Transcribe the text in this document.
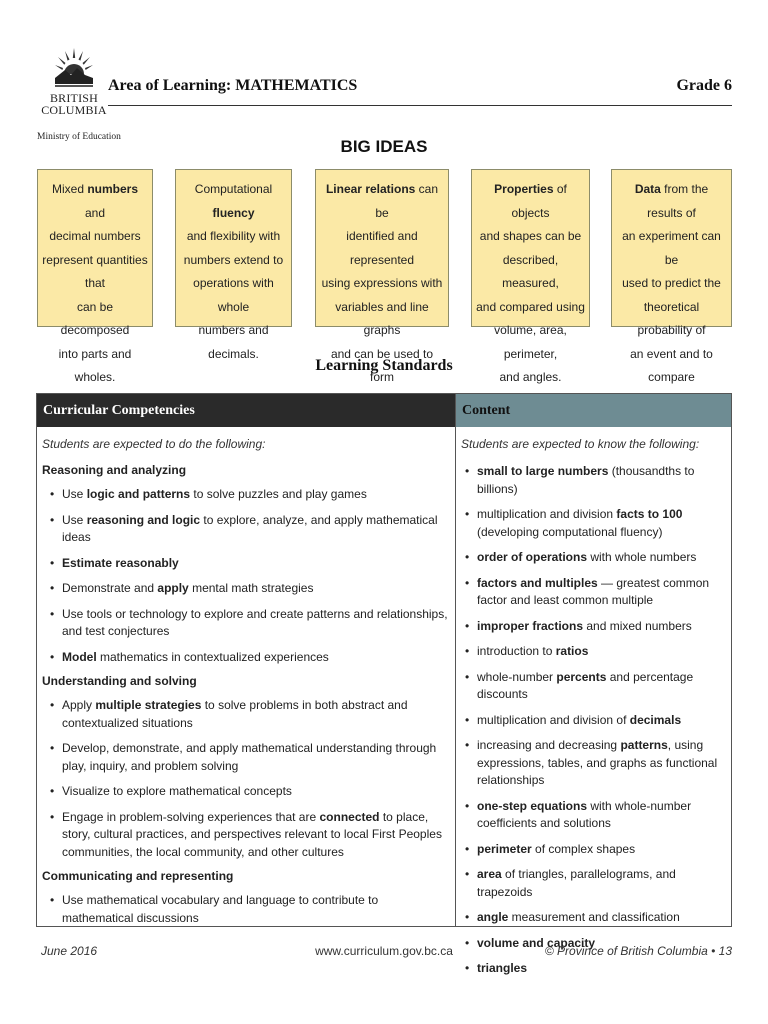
BRITISH
COLUMBIA
Ministry of Education
Area of Learning: MATHEMATICS	Grade 6
BIG IDEAS
Mixed numbers and
decimal numbers
represent quantities that
can be decomposed
into parts and wholes.
Computational fluency
and flexibility with
numbers extend to
operations with whole
numbers and decimals.
Linear relations can be
identified and represented
using expressions with
variables and line graphs
and can be used to form

Properties of objects
and shapes can be
described, measured,
and compared using
volume, area, perimeter,
and angles.
Data from the results of
an experiment can be
used to predict the
theoretical probability of
an event and to compare

Learning Standards
Curricular Competencies	Content
Students are expected to do the following:
Reasoning and analyzing
• Use logic and patterns to solve puzzles and play games
• Use reasoning and logic to explore, analyze, and apply mathematical ideas
• Estimate reasonably
• Demonstrate and apply mental math strategies
• Use tools or technology to explore and create patterns and relationships, and test conjectures
• Model mathematics in contextualized experiences
Understanding and solving
• Apply multiple strategies to solve problems in both abstract and contextualized situations
• Develop, demonstrate, and apply mathematical understanding through play, inquiry, and problem solving
• Visualize to explore mathematical concepts
• Engage in problem-solving experiences that are connected to place, story, cultural practices, and perspectives relevant to local First Peoples communities, the local community, and other cultures
Communicating and representing
• Use mathematical vocabulary and language to contribute to mathematical discussions
Students are expected to know the following:
• small to large numbers (thousandths to billions)
• multiplication and division facts to 100 (developing computational fluency)
• order of operations with whole numbers
• factors and multiples — greatest common factor and least common multiple
• improper fractions and mixed numbers
• introduction to ratios
• whole-number percents and percentage discounts
• multiplication and division of decimals
• increasing and decreasing patterns, using expressions, tables, and graphs as functional relationships
• one-step equations with whole-number coefficients and solutions
• perimeter of complex shapes
• area of triangles, parallelograms, and trapezoids
• angle measurement and classification
• volume and capacity
• triangles
June 2016	www.curriculum.gov.bc.ca	© Province of British Columbia • 13
